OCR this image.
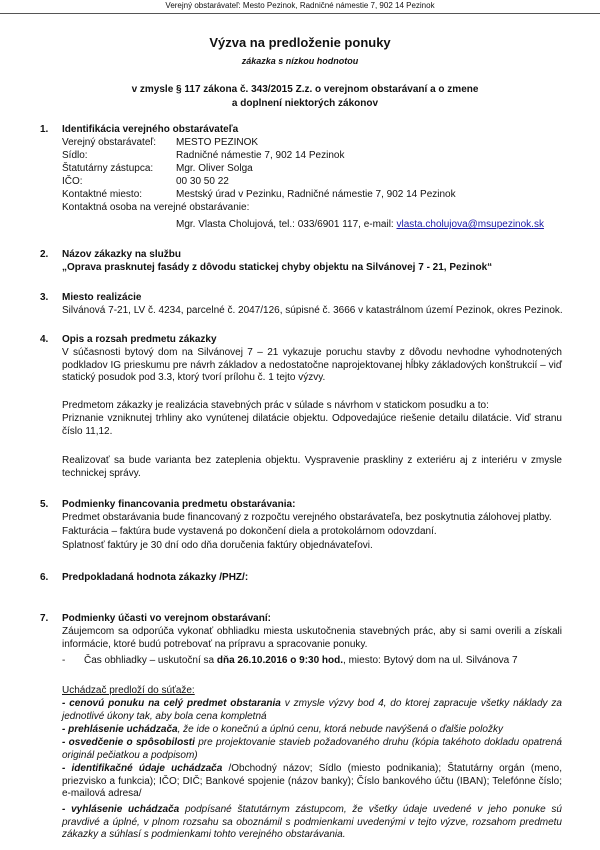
Verejný obstarávateľ: Mesto Pezinok, Radničné námestie 7, 902 14 Pezinok
Výzva na predloženie ponuky
zákazka s nízkou hodnotou
v zmysle § 117 zákona č. 343/2015 Z.z. o verejnom obstarávaní a o zmene
a doplnení niektorých zákonov
1. Identifikácia verejného obstarávateľa
Verejný obstarávateľ: MESTO PEZINOK
Sídlo:	Radničné námestie 7, 902 14 Pezinok
Štatutárny zástupca: Mgr. Oliver Solga
IČO:	00 30 50 22
Kontaktné miesto:	Mestský úrad v Pezinku, Radničné námestie 7, 902 14 Pezinok
Kontaktná osoba na verejné obstarávanie:
Mgr. Vlasta Cholujová, tel.: 033/6901 117, e-mail: vlasta.cholujova@msupezinok.sk
2. Názov zákazky na službu
„Oprava prasknutej fasády z dôvodu statickej chyby objektu na Silvánovej 7 - 21, Pezinok“
3. Miesto realizácie
Silvánová 7-21, LV č. 4234, parcelné č. 2047/126, súpisné č. 3666 v katastrálnom území Pezinok, okres Pezinok.
4. Opis a rozsah predmetu zákazky

V súčasnosti bytový dom na Silvánovej 7 – 21 vykazuje poruchu stavby z dôvodu nevhodne vyhodnotených podkladov IG prieskumu pre návrh základov a nedostatočne naprojektovanej hĺbky základových konštrukcií – viď statický posudok pod 3.3, ktorý tvorí prílohu č. 1 tejto výzvy.

Predmetom zákazky je realizácia stavebných prác v súlade s návrhom v statickom posudku a to:

Priznanie vzniknutej trhliny ako vynútenej dilatácie objektu. Odpovedajúce riešenie detailu dilatácie. Viď stranu číslo 11,12.

Realizovať sa bude varianta bez zateplenia objektu. Vyspravenie praskliny z exteriéru aj z interiéru v zmysle technickej správy.

5. Podmienky financovania predmetu obstarávania:
Predmet obstarávania bude financovaný z rozpočtu verejného obstarávateľa, bez poskytnutia zálohovej platby.
Fakturácia – faktúra bude vystavená po dokončení diela a protokolárnom odovzdaní.
Splatnosť faktúry je 30 dní odo dňa doručenia faktúry objednávateľovi.
6. Predpokladaná hodnota zákazky /PHZ/:
7. Podmienky účasti vo verejnom obstarávaní:

Záujemcom sa odporúča vykonať obhliadku miesta uskutočnenia stavebných prác, aby si sami overili a získali informácie, ktoré budú potrebovať na prípravu a spracovanie ponuky.

- Čas obhliadky – uskutoční sa dňa 26.10.2016 o 9:30 hod., miesto: Bytový dom na ul. Silvánova 7
Uchádzač predloží do súťaže:

- cenovú ponuku na celý predmet obstarania v zmysle výzvy bod 4, do ktorej zapracuje všetky náklady za jednotlivé úkony tak, aby bola cena kompletná

- prehlásenie uchádzača, že ide o konečnú a úplnú cenu, ktorá nebude navýšená o ďalšie položky

- osvedčenie o spôsobilosti pre projektovanie stavieb požadovaného druhu (kópia takéhoto dokladu opatrená originál pečiatkou a podpisom)

- identifikačné údaje uchádzača /Obchodný názov; Sídlo (miesto podnikania); Štatutárny orgán (meno, priezvisko a funkcia); IČO; DIČ; Bankové spojenie (názov banky); Číslo bankového účtu (IBAN); Telefónne číslo; e-mailová adresa/

- vyhlásenie uchádzača podpísané štatutárnym zástupcom, že všetky údaje uvedené v jeho ponuke sú pravdivé a úplné, v plnom rozsahu sa oboznámil s podmienkami uvedenými v tejto výzve, rozsahom predmetu zákazky a súhlasí s podmienkami tohto verejného obstarávania.
